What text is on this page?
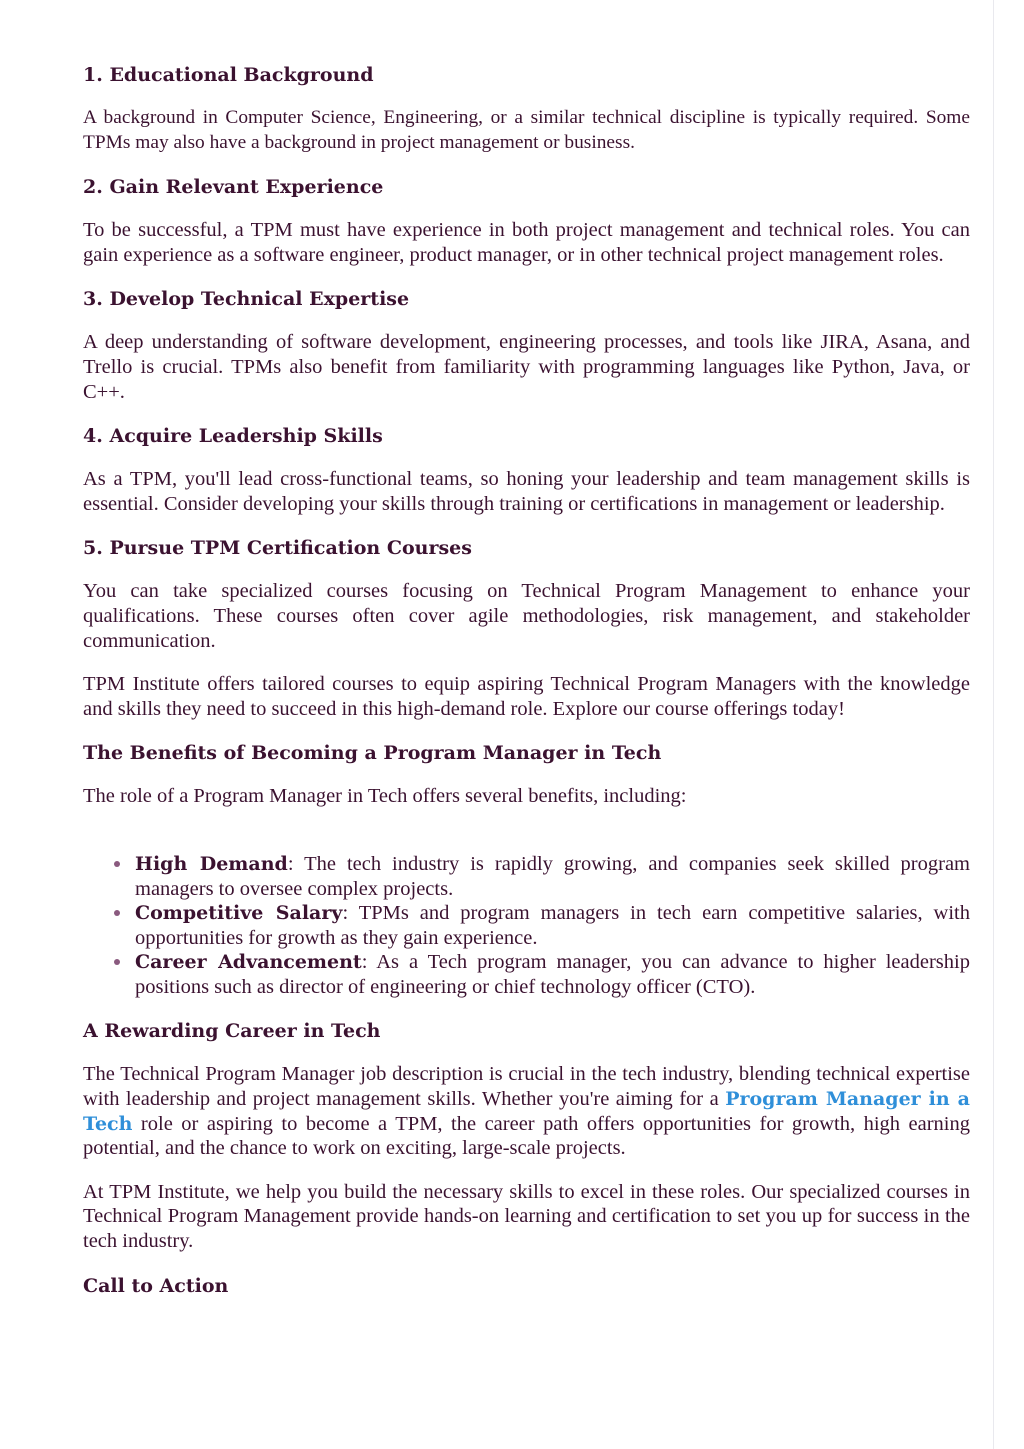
1. Educational Background

A background in Computer Science, Engineering, or a similar technical discipline is typically required. Some TPMs may also have a background in project management or business.

2. Gain Relevant Experience

To be successful, a TPM must have experience in both project management and technical roles. You can gain experience as a software engineer, product manager, or in other technical project management roles.

3. Develop Technical Expertise

A deep understanding of software development, engineering processes, and tools like JIRA, Asana, and Trello is crucial. TPMs also benefit from familiarity with programming languages like Python, Java, or C++.

4. Acquire Leadership Skills

As a TPM, you'll lead cross-functional teams, so honing your leadership and team management skills is essential. Consider developing your skills through training or certifications in management or leadership.

5. Pursue TPM Certification Courses

You can take specialized courses focusing on Technical Program Management to enhance your qualifications. These courses often cover agile methodologies, risk management, and stakeholder communication.

TPM Institute offers tailored courses to equip aspiring Technical Program Managers with the knowledge and skills they need to succeed in this high-demand role. Explore our course offerings today!

The Benefits of Becoming a Program Manager in Tech

The role of a Program Manager in Tech offers several benefits, including:

High Demand: The tech industry is rapidly growing, and companies seek skilled program managers to oversee complex projects.
Competitive Salary: TPMs and program managers in tech earn competitive salaries, with opportunities for growth as they gain experience.
Career Advancement: As a Tech program manager, you can advance to higher leadership positions such as director of engineering or chief technology officer (CTO).
A Rewarding Career in Tech

The Technical Program Manager job description is crucial in the tech industry, blending technical expertise with leadership and project management skills. Whether you're aiming for a Program Manager in a Tech role or aspiring to become a TPM, the career path offers opportunities for growth, high earning potential, and the chance to work on exciting, large-scale projects.

At TPM Institute, we help you build the necessary skills to excel in these roles. Our specialized courses in Technical Program Management provide hands-on learning and certification to set you up for success in the tech industry.

Call to Action
